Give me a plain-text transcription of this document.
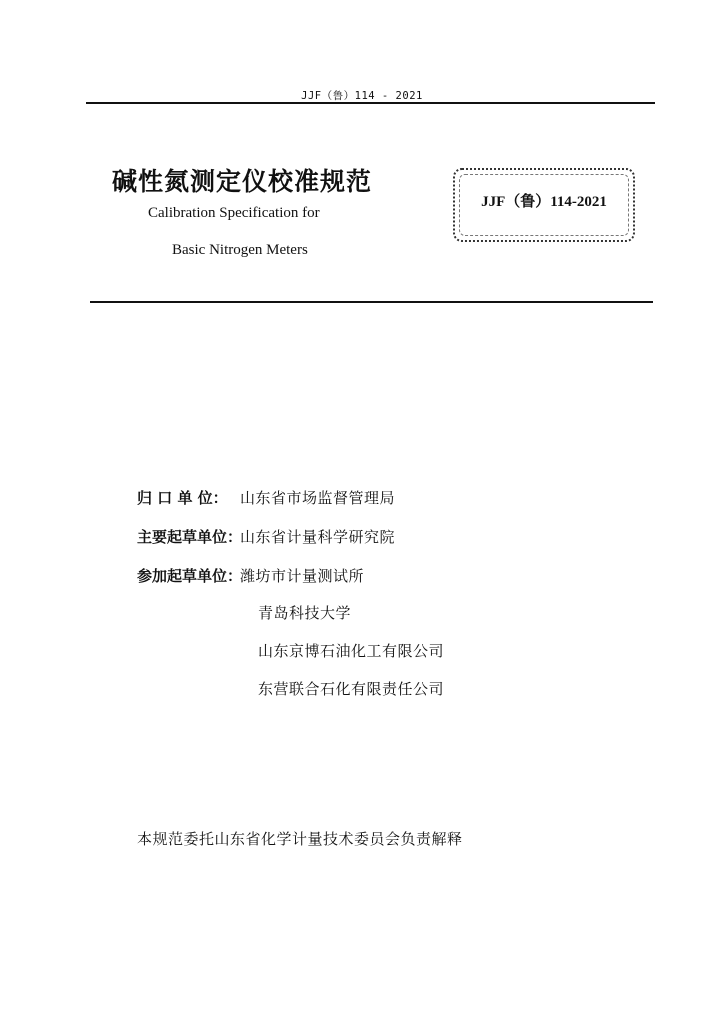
JJF（鲁）114 - 2021
碱性氮测定仪校准规范
Calibration Specification for
Basic Nitrogen Meters
JJF（鲁）114-2021
归 口 单 位： 山东省市场监督管理局
主要起草单位：山东省计量科学研究院
参加起草单位：潍坊市计量测试所
青岛科技大学
山东京博石油化工有限公司
东营联合石化有限责任公司
本规范委托山东省化学计量技术委员会负责解释
